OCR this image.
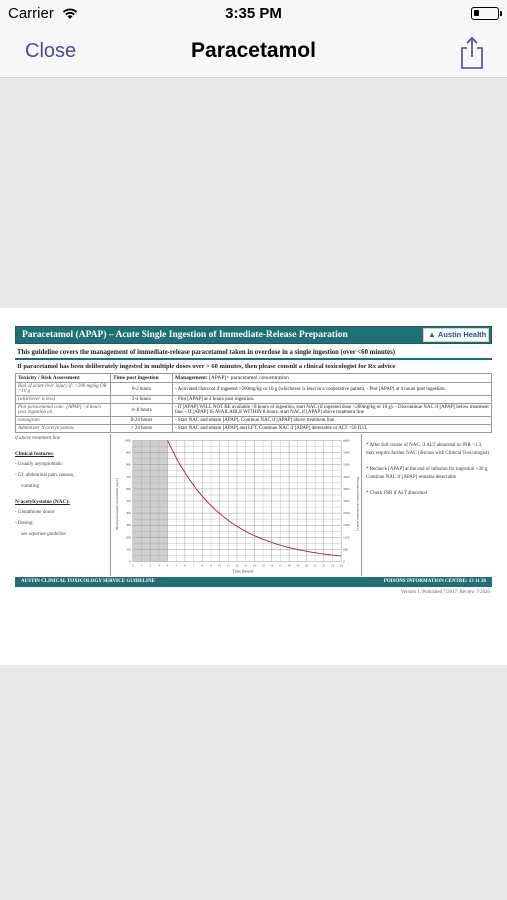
Carrier	3:35 PM
Close	Paracetamol
Paracetamol (APAP) – Acute Single Ingestion of Immediate-Release Preparation	▲ Austin Health
This guideline covers the management of immediate-release paracetamol taken in overdose in a single ingestion (over <60 minutes)
If paracetamol has been deliberately ingested in multiple doses over > 60 minutes, then please consult a clinical toxicologist for Rx advice
Toxicity / Risk Assessment	Time post ingestion	Management: [APAP]= paracetamol concentration
Risk of acute liver injury if: >200 mg/kg OR >10 g	0-2 hours	- Activated charcoal if ingested >200mg/kg or 10 g (whichever is less) in a cooperative patient. - Plot [APAP] at 4 hours post ingestion.
(whichever is less)	2-4 hours	- Plot [APAP] at 4 hours post ingestion.
Plot paracetamol conc. [APAP] >4 hours post ingestion on	4- 8 hours	- If [APAP] WILL NOT BE available <8 hours of ingestion, start NAC (if ingested dose >200mg/kg or 10 g). - Discontinue NAC if [APAP] below treatment line. - If [APAP] IS AVAILABLE WITHIN 8 hours, start NAC if [APAP] above treatment line
nomogram	8-24 hours	- Start NAC and obtain [APAP]. Continue NAC if [APAP] above treatment line.
Administer N-acetylcysteine	> 24 hours	- Start NAC and obtain [APAP] and LFT. Continue NAC if [APAP] detectable or ALT >50 IU/L
if above treatment line
Clinical features:
- Usually asymptomatic
- GI: abdominal pain, nausea,
vomiting
N-acetylcysteine (NAC):
- Glutathione donor
- Dosing:
see separate guideline
0 1 2 3 4 5 6 7 8 9 10 11 12 13 14 15 16 17 18 19 20 21 22 23 24
0	0
100	660
200	1320
300	1980
400	2640
500	3300
600	3960
700	4620
800	5280
900	5940
1000	6600
Time (hours)
Blood paracetamol concentration (mg/L)	Blood paracetamol concentration (µmol/L)
* After full course of NAC, if ALT abnormal or INR >1.3, may require further NAC (discuss with Clinical Toxicologist)
* Recheck [APAP] at the end of infusion for ingestion >30 g. Continue NAC if [APAP] remains detectable
* Check INR if ALT abnormal
AUSTIN CLINICAL TOXICOLOGY SERVICE GUIDELINE	POISONS INFORMATION CENTRE: 13 11 26
Version 1. Published 7/2017. Review 7/2020
